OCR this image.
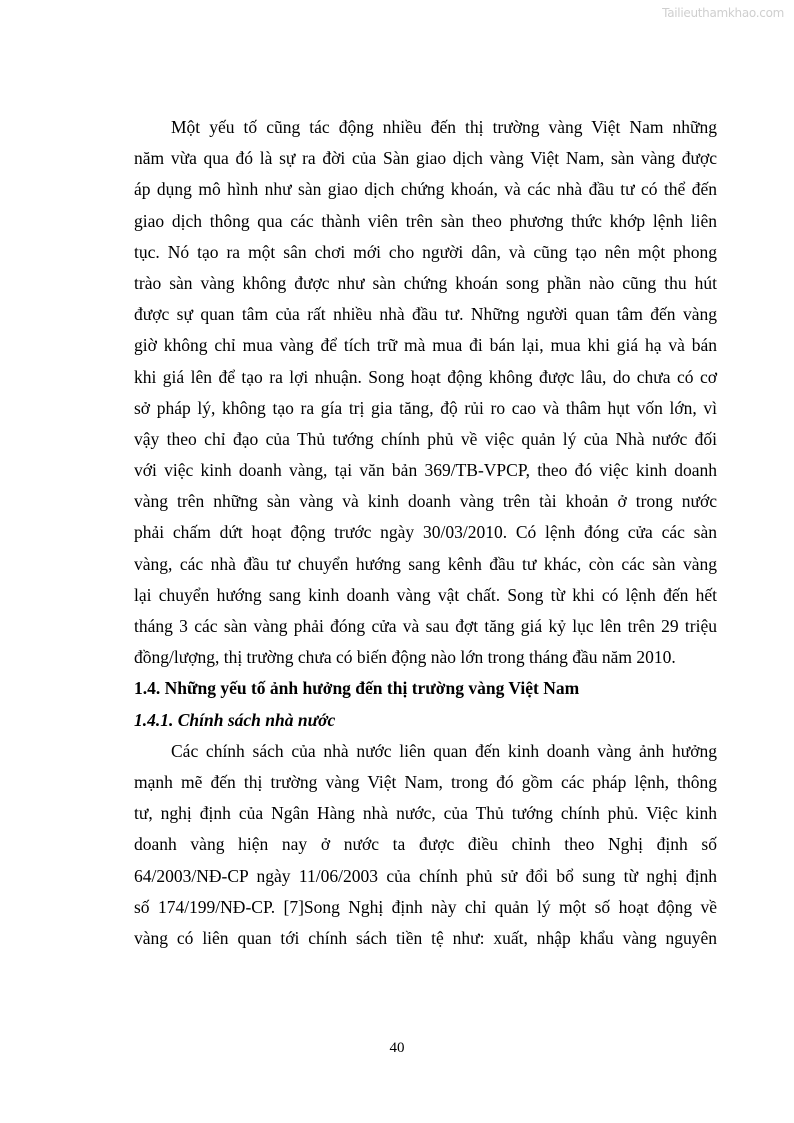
Tailieuthamkhao.com
Một yếu tố cũng tác động nhiều đến thị trường vàng Việt Nam những
năm vừa qua đó là sự ra đời của Sàn giao dịch vàng Việt Nam, sàn vàng được
áp dụng mô hình như sàn giao dịch chứng khoán, và các nhà đầu tư có thể đến
giao dịch thông qua các thành viên trên sàn theo phương thức khớp lệnh liên
tục. Nó tạo ra một sân chơi mới cho người dân, và cũng tạo nên một phong
trào sàn vàng không được như sàn chứng khoán song phần nào cũng thu hút
được sự quan tâm của rất nhiều nhà đầu tư. Những người quan tâm đến vàng
giờ không chỉ mua vàng để tích trữ mà mua đi bán lại, mua khi giá hạ và bán
khi giá lên để tạo ra lợi nhuận. Song hoạt động không được lâu, do chưa có cơ
sở pháp lý, không tạo ra gía trị gia tăng, độ rủi ro cao và thâm hụt vốn lớn, vì
vậy theo chỉ đạo của Thủ tướng chính phủ về việc quản lý của Nhà nước đối
với việc kinh doanh vàng, tại văn bản 369/TB-VPCP, theo đó việc kinh doanh
vàng trên những sàn vàng và kinh doanh vàng trên tài khoản ở trong nước
phải chấm dứt hoạt động trước ngày 30/03/2010. Có lệnh đóng cửa các sàn
vàng, các nhà đầu tư chuyển hướng sang kênh đầu tư khác, còn các sàn vàng
lại chuyển hướng sang kinh doanh vàng vật chất. Song từ khi có lệnh đến hết
tháng 3 các sàn vàng phải đóng cửa và sau đợt tăng giá kỷ lục lên trên 29 triệu
đồng/lượng, thị trường chưa có biến động nào lớn trong tháng đầu năm 2010.
1.4. Những yếu tố ảnh hưởng đến thị trường vàng Việt Nam
1.4.1. Chính sách nhà nước
Các chính sách của nhà nước liên quan đến kinh doanh vàng ảnh hưởng
mạnh mẽ đến thị trường vàng Việt Nam, trong đó gồm các pháp lệnh, thông
tư, nghị định của Ngân Hàng nhà nước, của Thủ tướng chính phủ. Việc kinh
doanh vàng hiện nay ở nước ta được điều chỉnh theo Nghị định số
64/2003/NĐ-CP ngày 11/06/2003 của chính phủ sử đổi bổ sung từ nghị định
số 174/199/NĐ-CP. [7]Song Nghị định này chỉ quản lý một số hoạt động về
vàng có liên quan tới chính sách tiền tệ như: xuất, nhập khẩu vàng nguyên
40
